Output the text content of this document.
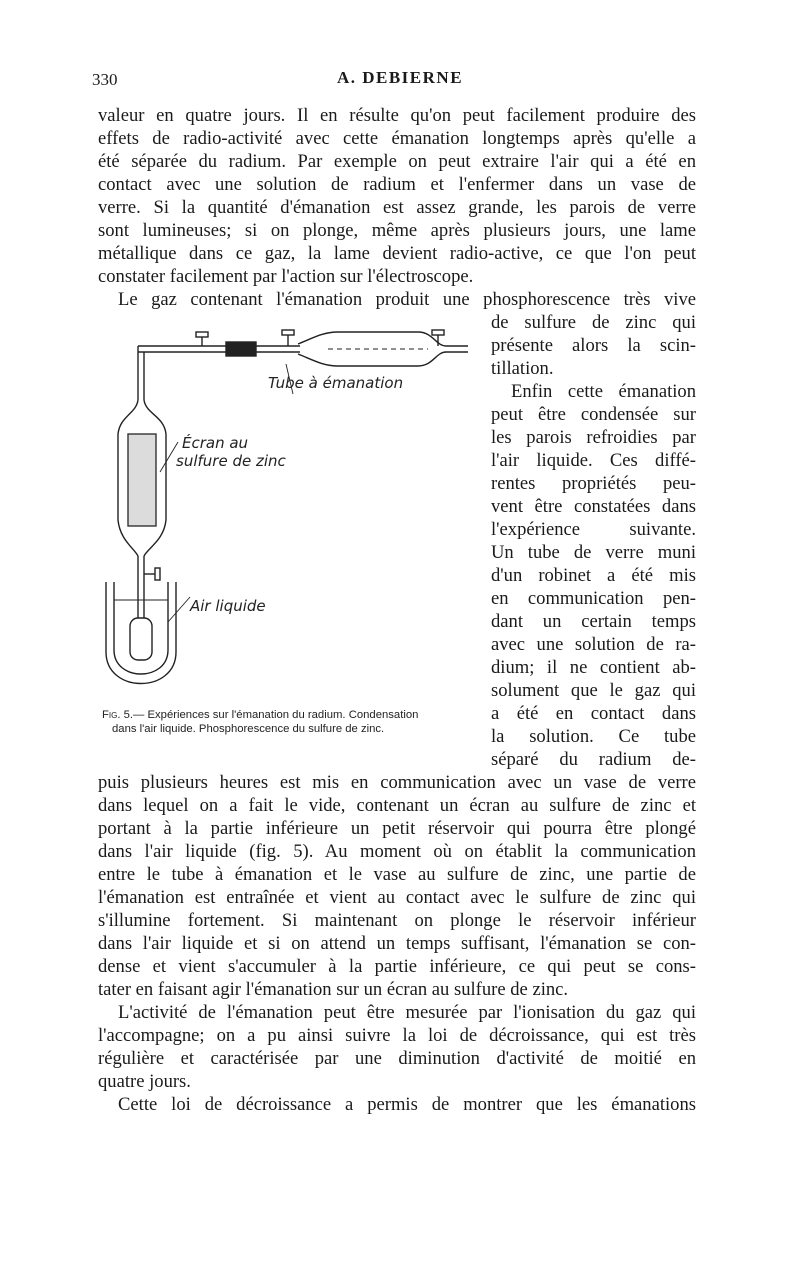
330	A. DEBIERNE
valeur en quatre jours. Il en résulte qu'on peut facilement produire des
effets de radio-activité avec cette émanation longtemps après qu'elle a
été séparée du radium. Par exemple on peut extraire l'air qui a été en
contact avec une solution de radium et l'enfermer dans un vase de
verre. Si la quantité d'émanation est assez grande, les parois de verre
sont lumineuses; si on plonge, même après plusieurs jours, une lame
métallique dans ce gaz, la lame devient radio-active, ce que l'on peut
constater facilement par l'action sur l'électroscope.
Le gaz contenant l'émanation produit une phosphorescence très vive
de sulfure de zinc qui
présente alors la scin-
tillation.
Enfin cette émanation
peut être condensée sur
les parois refroidies par
l'air liquide. Ces diffé-
rentes propriétés peu-
vent être constatées dans
l'expérience suivante.
Un tube de verre muni
d'un robinet a été mis
en communication pen-
dant un certain temps
avec une solution de ra-
dium; il ne contient ab-
solument que le gaz qui
a été en contact dans
la solution. Ce tube
séparé du radium de-
puis plusieurs heures est mis en communication avec un vase de verre
dans lequel on a fait le vide, contenant un écran au sulfure de zinc et
portant à la partie inférieure un petit réservoir qui pourra être plongé
dans l'air liquide (fig. 5). Au moment où on établit la communication
entre le tube à émanation et le vase au sulfure de zinc, une partie de
l'émanation est entraînée et vient au contact avec le sulfure de zinc qui
s'illumine fortement. Si maintenant on plonge le réservoir inférieur
dans l'air liquide et si on attend un temps suffisant, l'émanation se con-
dense et vient s'accumuler à la partie inférieure, ce qui peut se cons-
tater en faisant agir l'émanation sur un écran au sulfure de zinc.
L'activité de l'émanation peut être mesurée par l'ionisation du gaz qui
l'accompagne; on a pu ainsi suivre la loi de décroissance, qui est très
régulière et caractérisée par une diminution d'activité de moitié en
quatre jours.
Cette loi de décroissance a permis de montrer que les émanations
Tube à émanation
Écran au
sulfure de zinc
Air liquide
Fig. 5.— Expériences sur l'émanation du radium. Condensation
dans l'air liquide. Phosphorescence du sulfure de zinc.
